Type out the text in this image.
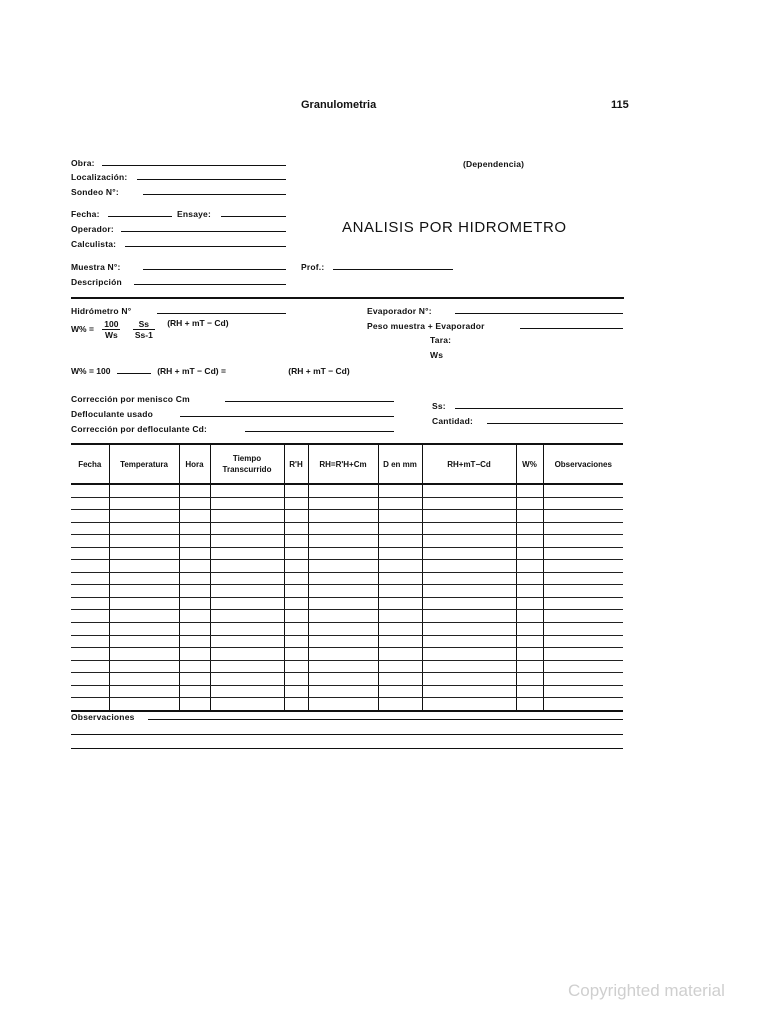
Granulometria	115
Obra:
Localización:
Sondeo N°:
(Dependencia)
Fecha:	Ensaye:
Operador:
Calculista:
ANALISIS POR HIDROMETRO
Muestra N°:	Prof.:
Descripción
Hidrómetro N°	Evaporador N°:
$W\% = \frac{100}{Ws}$
$\frac{Ss}{Ss-1} (RH$ + mT − Cd)	Peso muestra + Evaporador
Tara:
Ws
W% = 100	(RH + mT − Cd) =	(RH + mT − Cd)
Corrección por menisco Cm
Defloculante usado
Corrección por defloculante Cd:
Ss:
Cantidad:
Fecha	Temperatura	Hora	Tiempo Transcurrido	R'H	RH=R'H+Cm	D en mm	RH+mT−Cd	W%	Observaciones

Observaciones
Copyrighted material
